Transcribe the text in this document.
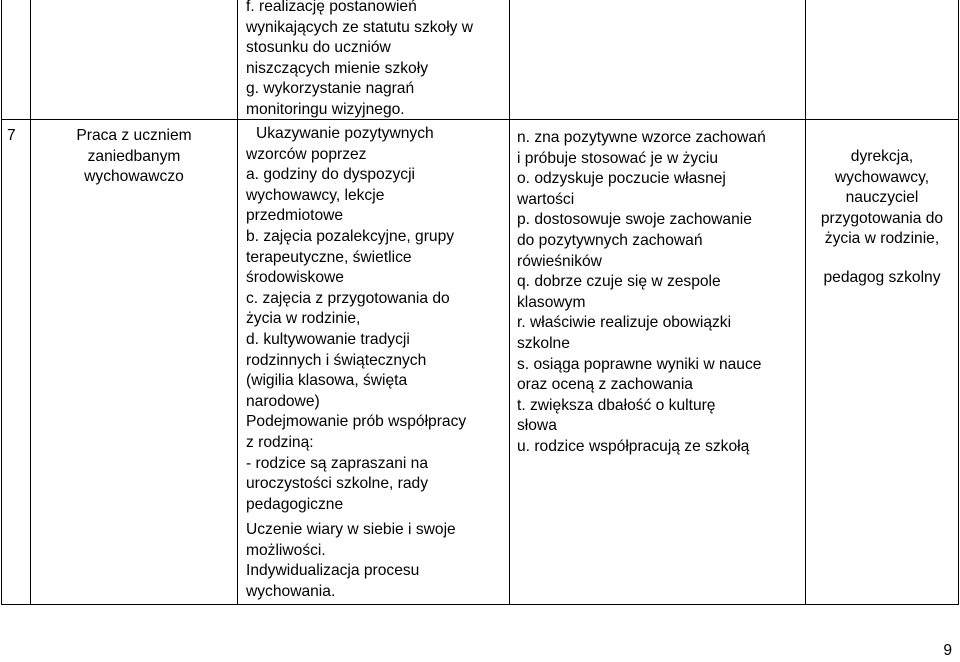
7	Praca z uczniem
zaniedbanym
wychowawczo
f. realizację postanowień
wynikających ze statutu szkoły w
stosunku do uczniów
niszczących mienie szkoły
g. wykorzystanie nagrań
monitoringu wizyjnego.
Ukazywanie pozytywnych
wzorców poprzez
a. godziny do dyspozycji
wychowawcy, lekcje
przedmiotowe
b. zajęcia pozalekcyjne, grupy
terapeutyczne, świetlice
środowiskowe
c. zajęcia z przygotowania do
życia w rodzinie,
d. kultywowanie tradycji
rodzinnych i świątecznych
(wigilia klasowa, święta
narodowe)
Podejmowanie prób współpracy
z rodziną:
- rodzice są zapraszani na
uroczystości szkolne, rady
pedagogiczne
Uczenie wiary w siebie i swoje
możliwości.
Indywidualizacja procesu
wychowania.
n. zna pozytywne wzorce zachowań
i próbuje stosować je w życiu
o. odzyskuje poczucie własnej
wartości
p. dostosowuje swoje zachowanie
do pozytywnych zachowań
rówieśników
q. dobrze czuje się w zespole
klasowym
r. właściwie realizuje obowiązki
szkolne
s. osiąga poprawne wyniki w nauce
oraz oceną z zachowania
t. zwiększa dbałość o kulturę
słowa
u. rodzice współpracują ze szkołą
dyrekcja,
wychowawcy,
nauczyciel
przygotowania do
życia w rodzinie,
pedagog szkolny
9
